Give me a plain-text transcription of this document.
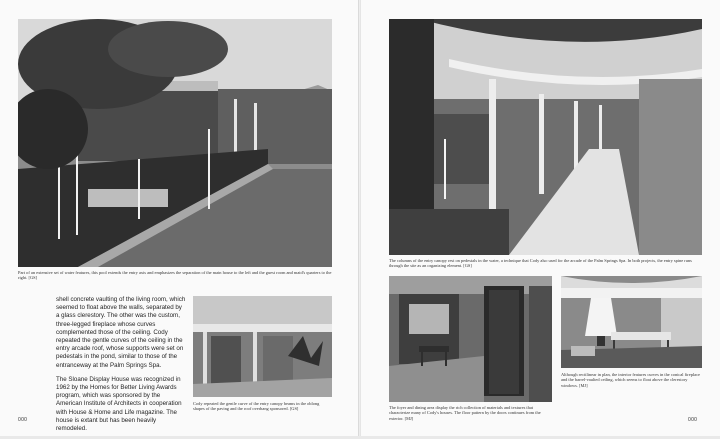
Part of an extensive set of water features, this pool extends the entry axis and emphasizes the separation of the main house to the left and the guest room and maid's quarters to the right. [GS]

shell concrete vaulting of the living room, which seemed to float above the walls, separated by a glass clerestory. The other was the custom, three-legged fireplace whose curves complemented those of the ceiling. Cody repeated the gentle curves of the ceiling in the entry arcade roof, whose supports were set on pedestals in the pond, similar to those of the entranceway at the Palm Springs Spa.

The Sloane Display House was recognized in 1962 by the Homes for Better Living Awards program, which was sponsored by the American Institute of Architects in cooperation with House & Home and Life magazine. The house is extant but has been heavily remodeled.

Cody repeated the gentle curve of the entry canopy beams in the oblong shapes of the paving and the roof overhang sponsored. [GS]
000
The columns of the entry canopy rest on pedestals in the water, a technique that Cody also used for the arcade of the Palm Springs Spa. In both projects, the entry spine runs through the site as an organizing element. [GS]
The foyer and dining area display the rich collection of materials and textures that characterize many of Cody's houses. The floor pattern by the doors continues from the exterior. [MJ]
Although rectilinear in plan, the interior features curves in the conical fireplace and the barrel-vaulted ceiling, which seems to float above the clerestory windows. [MJ]
000
